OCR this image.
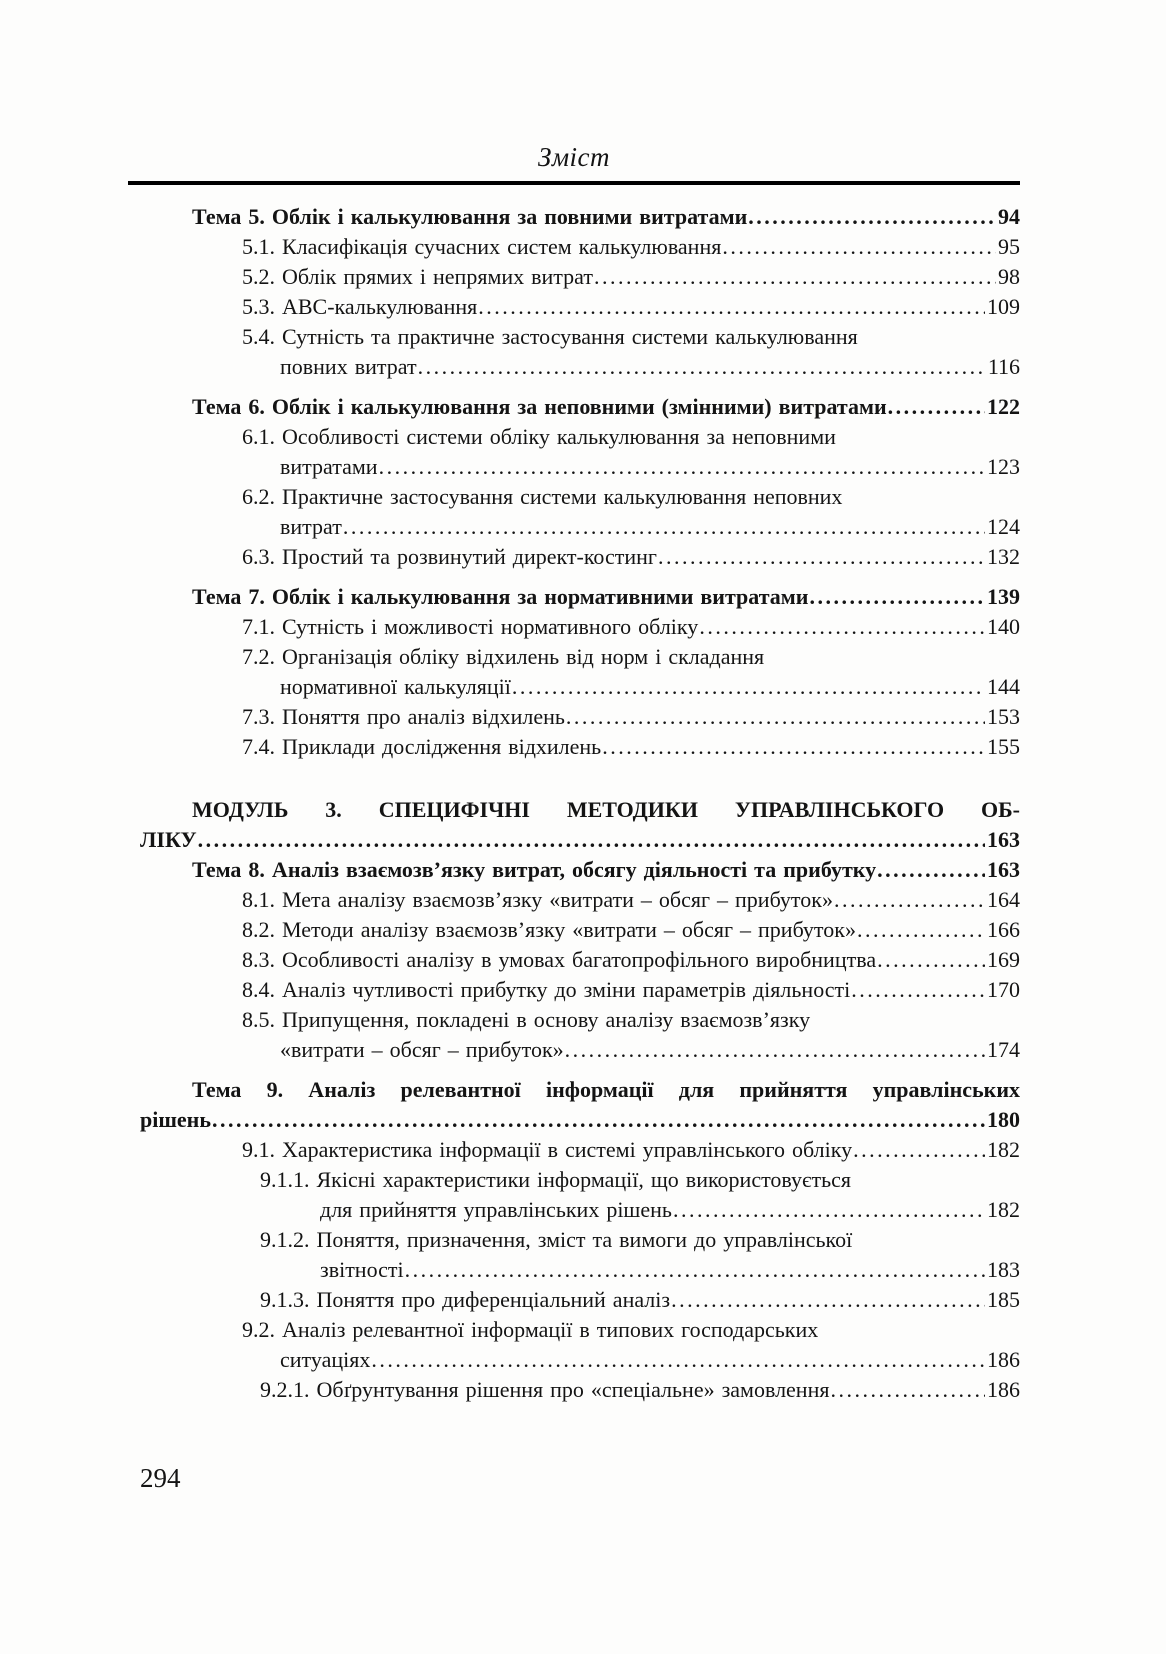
Зміст
Тема 5. Облік і калькулювання за повними витратами .....	94
5.1. Класифікація сучасних систем калькулювання .....	95
5.2. Облік прямих і непрямих витрат .....	98
5.3. АВС-калькулювання .....	109
5.4. Сутність та практичне застосування системи калькулювання
повних витрат .....	116
Тема 6. Облік і калькулювання за неповними (змінними) витратами .....	122
6.1. Особливості системи обліку калькулювання за неповними
витратами .....	123
6.2. Практичне застосування системи калькулювання неповних
витрат .....	124
6.3. Простий та розвинутий директ-костинг .....	132
Тема 7. Облік і калькулювання за нормативними витратами .....	139
7.1. Сутність і можливості нормативного обліку .....	140
7.2. Організація обліку відхилень від норм і складання
нормативної калькуляції .....	144
7.3. Поняття про аналіз відхилень .....	153
7.4. Приклади дослідження відхилень .....	155
МОДУЛЬ 3. СПЕЦИФІЧНІ МЕТОДИКИ УПРАВЛІНСЬКОГО ОБ-
ЛІКУ .....	163
Тема 8. Аналіз взаємозв’язку витрат, обсягу діяльності та прибутку .....	163
8.1. Мета аналізу взаємозв’язку «витрати – обсяг – прибуток» .....	164
8.2. Методи аналізу взаємозв’язку «витрати – обсяг – прибуток» .....	166
8.3. Особливості аналізу в умовах багатопрофільного виробництва .....	169
8.4. Аналіз чутливості прибутку до зміни параметрів діяльності .....	170
8.5. Припущення, покладені в основу аналізу взаємозв’язку
«витрати – обсяг – прибуток» .....	174
Тема 9. Аналіз релевантної інформації для прийняття управлінських
рішень .....	180
9.1. Характеристика інформації в системі управлінського обліку .....	182
9.1.1. Якісні характеристики інформації, що використовується
для прийняття управлінських рішень .....	182
9.1.2. Поняття, призначення, зміст та вимоги до управлінської
звітності .....	183
9.1.3. Поняття про диференціальний аналіз .....	185
9.2. Аналіз релевантної інформації в типових господарських
ситуаціях .....	186
9.2.1. Обґрунтування рішення про «спеціальне» замовлення .....	186
294
